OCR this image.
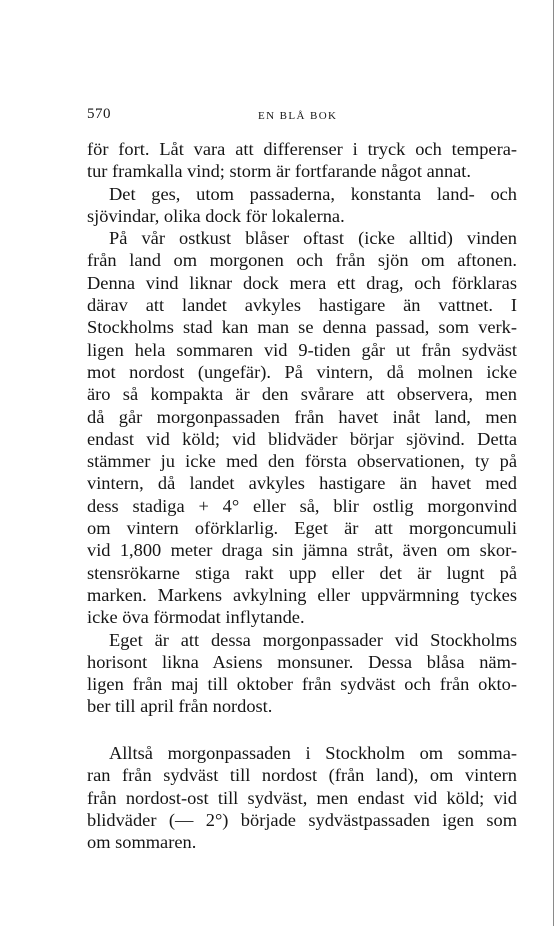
570	EN BLÅ BOK

för fort. Låt vara att differenser i tryck och tempera-

tur framkalla vind; storm är fortfarande något annat.

Det ges, utom passaderna, konstanta land- och

sjövindar, olika dock för lokalerna.

På vår ostkust blåser oftast (icke alltid) vinden

från land om morgonen och från sjön om aftonen.

Denna vind liknar dock mera ett drag, och förklaras

därav att landet avkyles hastigare än vattnet. I

Stockholms stad kan man se denna passad, som verk-

ligen hela sommaren vid 9-tiden går ut från sydväst

mot nordost (ungefär). På vintern, då molnen icke

äro så kompakta är den svårare att observera, men

då går morgonpassaden från havet inåt land, men

endast vid köld; vid blidväder börjar sjövind. Detta

stämmer ju icke med den första observationen, ty på

vintern, då landet avkyles hastigare än havet med

dess stadiga + 4° eller så, blir ostlig morgonvind

om vintern oförklarlig. Eget är att morgoncumuli

vid 1,800 meter draga sin jämna stråt, även om skor-

stensrökarne stiga rakt upp eller det är lugnt på

marken. Markens avkylning eller uppvärmning tyckes

icke öva förmodat inflytande.

Eget är att dessa morgonpassader vid Stockholms

horisont likna Asiens monsuner. Dessa blåsa näm-

ligen från maj till oktober från sydväst och från okto-

ber till april från nordost.

Alltså morgonpassaden i Stockholm om somma-

ran från sydväst till nordost (från land), om vintern

från nordost-ost till sydväst, men endast vid köld; vid

blidväder (— 2°) började sydvästpassaden igen som

om sommaren.
